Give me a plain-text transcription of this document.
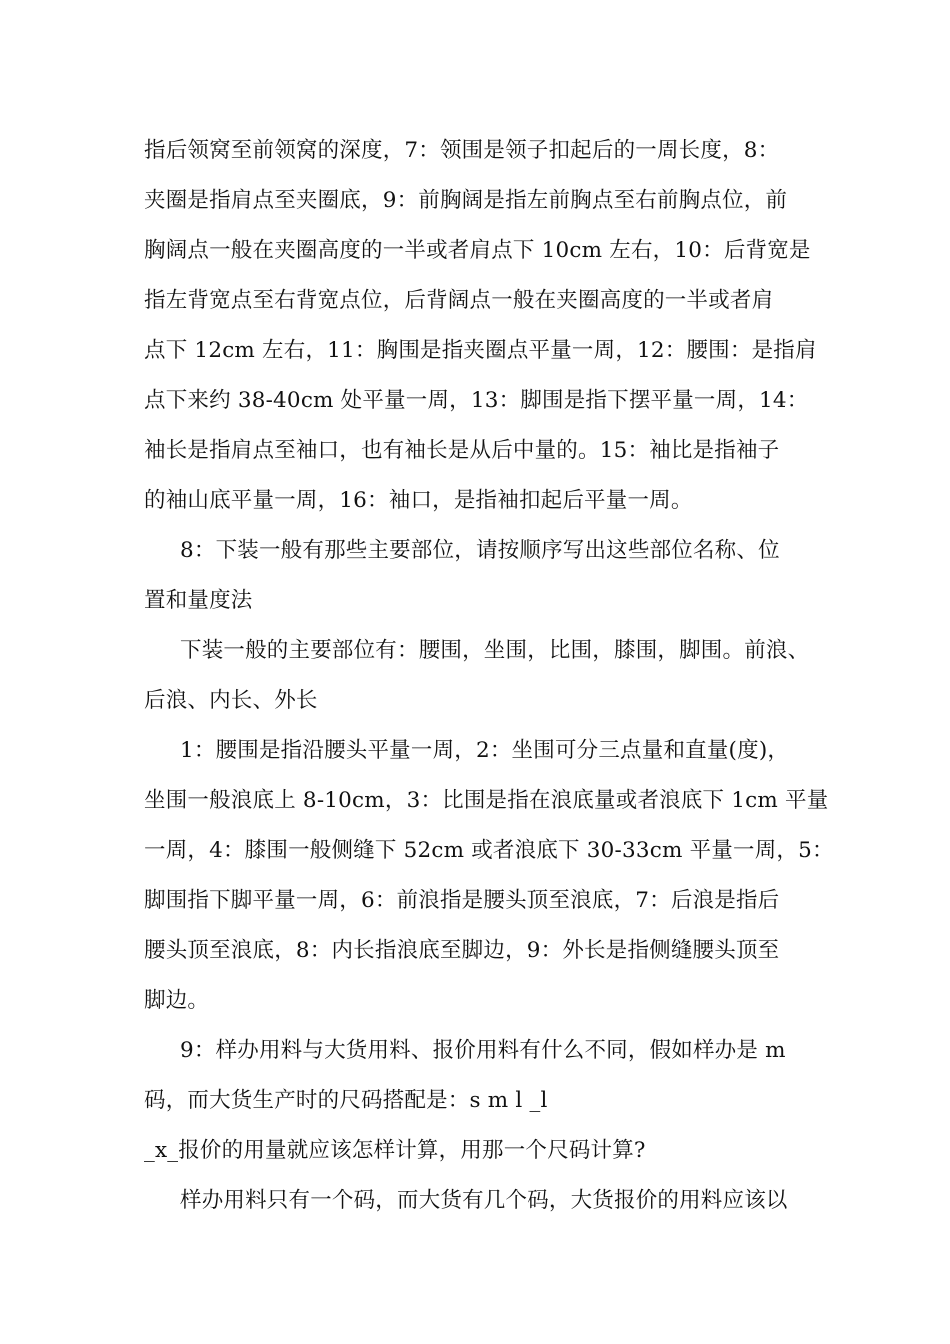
指后领窝至前领窝的深度，7：领围是领子扣起后的一周长度，8：
夹圈是指肩点至夹圈底，9：前胸阔是指左前胸点至右前胸点位，前
胸阔点一般在夹圈高度的一半或者肩点下 10cm 左右，10：后背宽是
指左背宽点至右背宽点位，后背阔点一般在夹圈高度的一半或者肩
点下 12cm 左右，11：胸围是指夹圈点平量一周，12：腰围：是指肩
点下来约 38-40cm 处平量一周，13：脚围是指下摆平量一周，14：
袖长是指肩点至袖口，也有袖长是从后中量的。15：袖比是指袖子
的袖山底平量一周，16：袖口，是指袖扣起后平量一周。
8：下装一般有那些主要部位，请按顺序写出这些部位名称、位
置和量度法
下装一般的主要部位有：腰围，坐围，比围，膝围，脚围。前浪、
后浪、内长、外长
1：腰围是指沿腰头平量一周，2：坐围可分三点量和直量(度)，
坐围一般浪底上 8-10cm，3：比围是指在浪底量或者浪底下 1cm 平量
一周，4：膝围一般侧缝下 52cm 或者浪底下 30-33cm 平量一周，5：
脚围指下脚平量一周，6：前浪指是腰头顶至浪底，7：后浪是指后
腰头顶至浪底，8：内长指浪底至脚边，9：外长是指侧缝腰头顶至
脚边。
9：样办用料与大货用料、报价用料有什么不同，假如样办是 m
码，而大货生产时的尺码搭配是：s m l _l
_x_报价的用量就应该怎样计算，用那一个尺码计算?
样办用料只有一个码，而大货有几个码，大货报价的用料应该以
